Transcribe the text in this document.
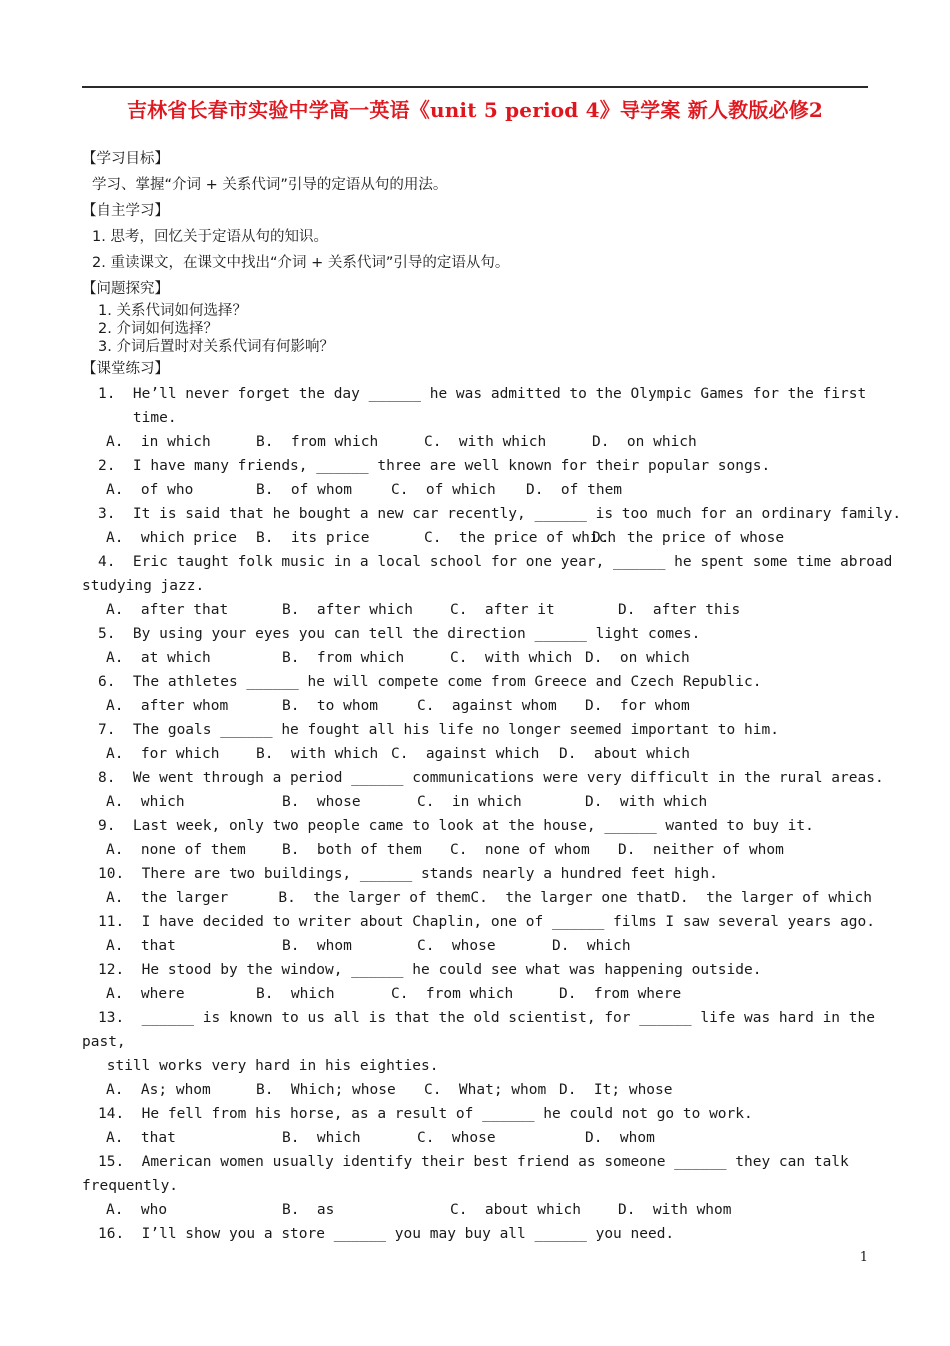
吉林省长春市实验中学高一英语《unit 5 period 4》导学案 新人教版必修2
【学习目标】
学习、掌握“介词 + 关系代词”引导的定语从句的用法。
【自主学习】
1. 思考，回忆关于定语从句的知识。
2. 重读课文，在课文中找出“介词 + 关系代词”引导的定语从句。
【问题探究】
1. 关系代词如何选择？
2. 介词如何选择？
3. 介词后置时对关系代词有何影响？
【课堂练习】
1.  He’ll never forget the day ______ he was admitted to the Olympic Games for the first
time.
A.  in which	B.  from which	C.  with which	D.  on which
2.  I have many friends, ______ three are well known for their popular songs.
A.  of who	B.  of whom	C.  of which	D.  of them
3.  It is said that he bought a new car recently, ______ is too much for an ordinary family.
A.  which price	B.  its price	C.  the price of which
D.  the price of whose
4.  Eric taught folk music in a local school for one year, ______ he spent some time abroad
studying jazz.
A.  after that	B.  after which	C.  after it	D.  after this
5.  By using your eyes you can tell the direction ______ light comes.
A.  at which	B.  from which	C.  with which D.  on which
6.  The athletes ______ he will compete come from Greece and Czech Republic.
A.  after whom	B.  to whom	C.  against whom	D.  for whom
7.  The goals ______ he fought all his life no longer seemed important to him.
A.  for which	B.  with which C.  against which	D.  about which
8.  We went through a period ______ communications were very difficult in the rural areas.
A.  which	B.  whose	C.  in which	D.  with which
9.  Last week, only two people came to look at the house, ______ wanted to buy it.
A.  none of them	B.  both of them	C.  none of whom	D.  neither of whom
10.  There are two buildings, ______ stands nearly a hundred feet high.
A.  the larger	B.  the larger of them C.  the larger one that D.  the larger of which
11.  I have decided to writer about Chaplin, one of ______ films I saw several years ago.
A.  that	B.  whom	C.  whose	D.  which
12.  He stood by the window, ______ he could see what was happening outside.
A.  where	B.  which	C.  from which	D.  from where
13.  ______ is known to us all is that the old scientist, for ______ life was hard in the
past,
still works very hard in his eighties.
A.  As; whom	B.  Which; whose	C.  What; whom D.  It; whose
14.  He fell from his horse, as a result of ______ he could not go to work.
A.  that	B.  which	C.  whose	D.  whom
15.  American women usually identify their best friend as someone ______ they can talk
frequently.
A.  who	B.  as	C.  about which	D.  with whom
16.  I’ll show you a store ______ you may buy all ______ you need.
1
